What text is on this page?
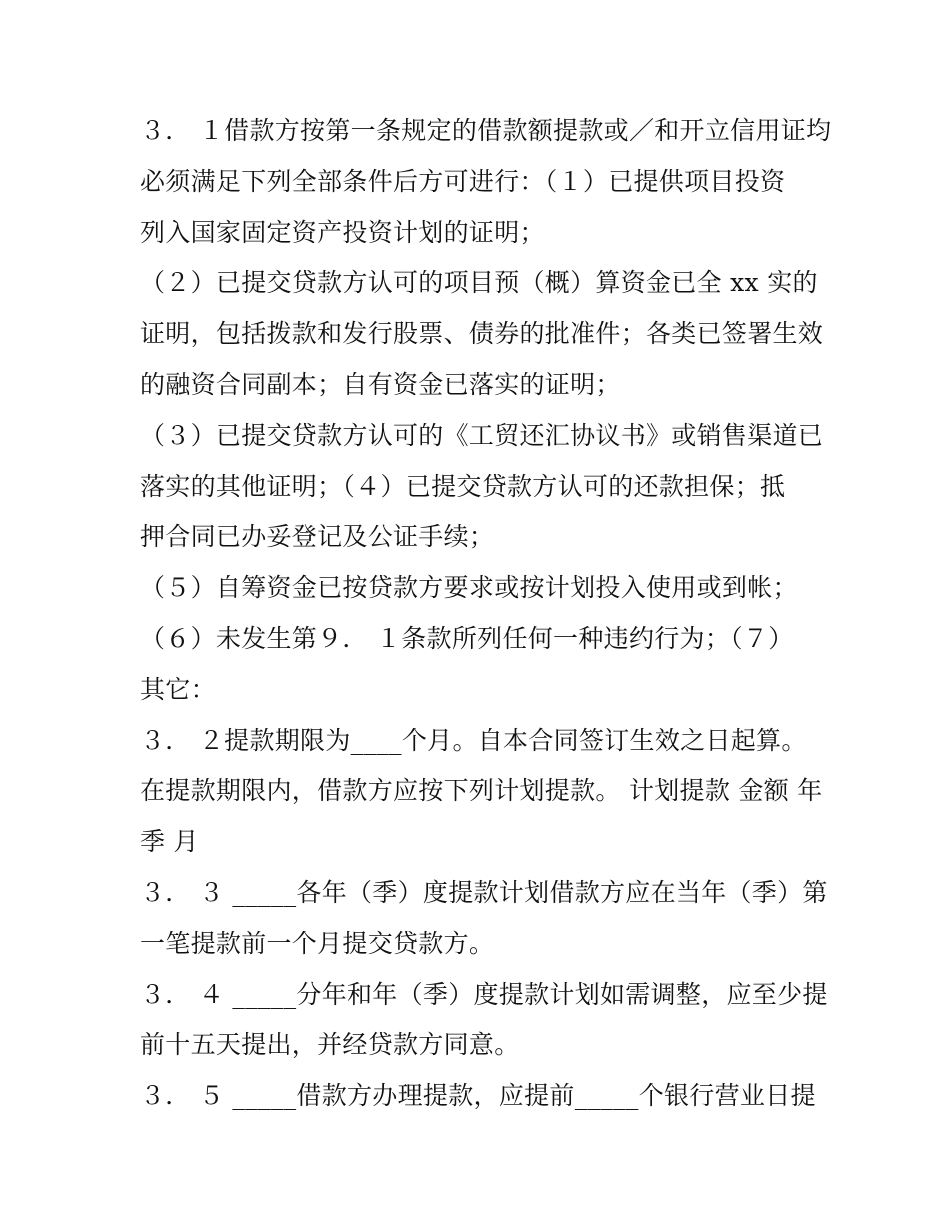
３． １借款方按第一条规定的借款额提款或／和开立信用证均
必须满足下列全部条件后方可进行：（１）已提供项目投资
列入国家固定资产投资计划的证明；
（２）已提交贷款方认可的项目预（概）算资金已全 xx 实的
证明，包括拨款和发行股票、债券的批准件；各类已签署生效
的融资合同副本；自有资金已落实的证明；
（３）已提交贷款方认可的《工贸还汇协议书》或销售渠道已
落实的其他证明；（４）已提交贷款方认可的还款担保；抵
押合同已办妥登记及公证手续；
（５）自筹资金已按贷款方要求或按计划投入使用或到帐；
（６）未发生第９． １条款所列任何一种违约行为；（７）
其它：
３． ２提款期限为____个月。自本合同签订生效之日起算。
在提款期限内，借款方应按下列计划提款。 计划提款 金额 年
季 月
３． ３ _____各年（季）度提款计划借款方应在当年（季）第
一笔提款前一个月提交贷款方。
３． ４ _____分年和年（季）度提款计划如需调整，应至少提
前十五天提出，并经贷款方同意。
３． ５ _____借款方办理提款，应提前_____个银行营业日提
